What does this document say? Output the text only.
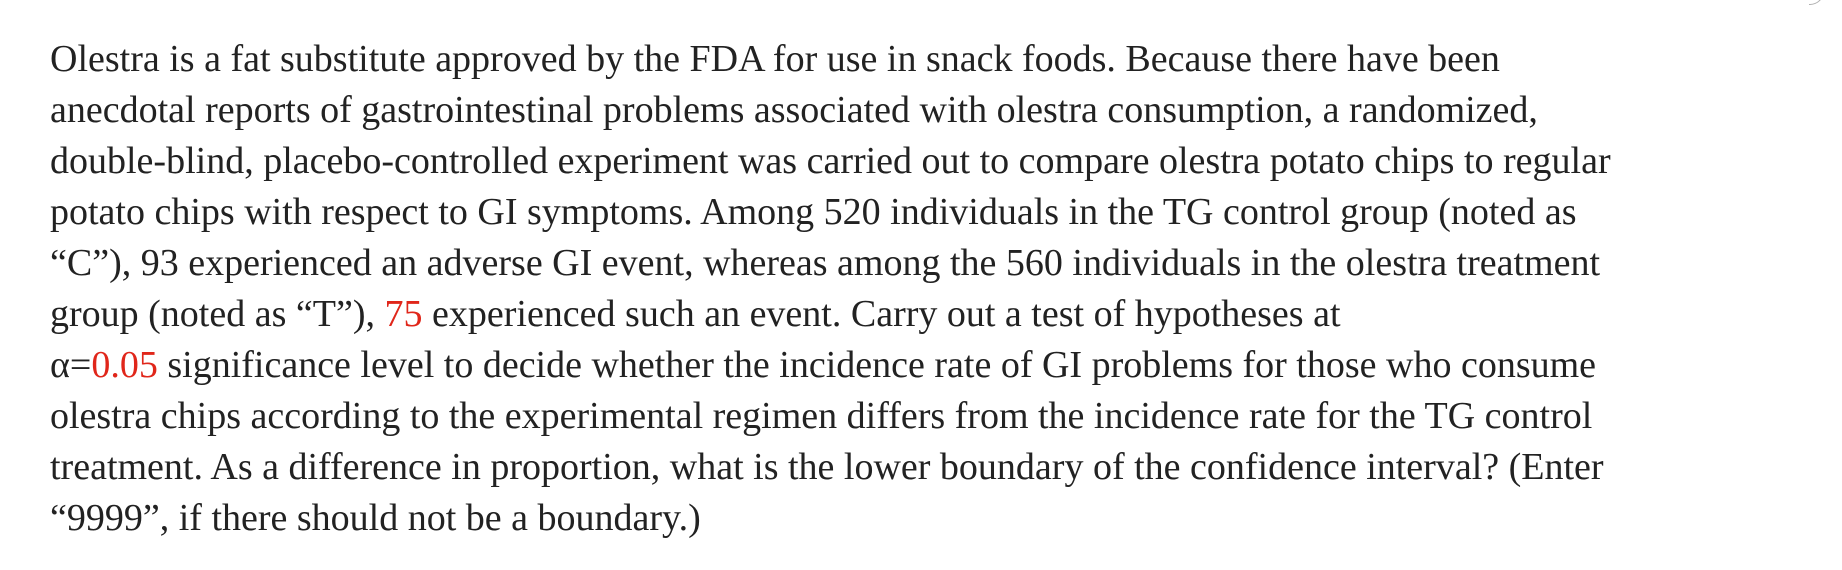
Olestra is a fat substitute approved by the FDA for use in snack foods. Because there have been
anecdotal reports of gastrointestinal problems associated with olestra consumption, a randomized,
double-blind, placebo-controlled experiment was carried out to compare olestra potato chips to regular
potato chips with respect to GI symptoms. Among 520 individuals in the TG control group (noted as
“C”), 93 experienced an adverse GI event, whereas among the 560 individuals in the olestra treatment
group (noted as “T”), 75 experienced such an event. Carry out a test of hypotheses at
α=0.05 significance level to decide whether the incidence rate of GI problems for those who consume
olestra chips according to the experimental regimen differs from the incidence rate for the TG control
treatment. As a difference in proportion, what is the lower boundary of the confidence interval? (Enter
“9999”, if there should not be a boundary.)
